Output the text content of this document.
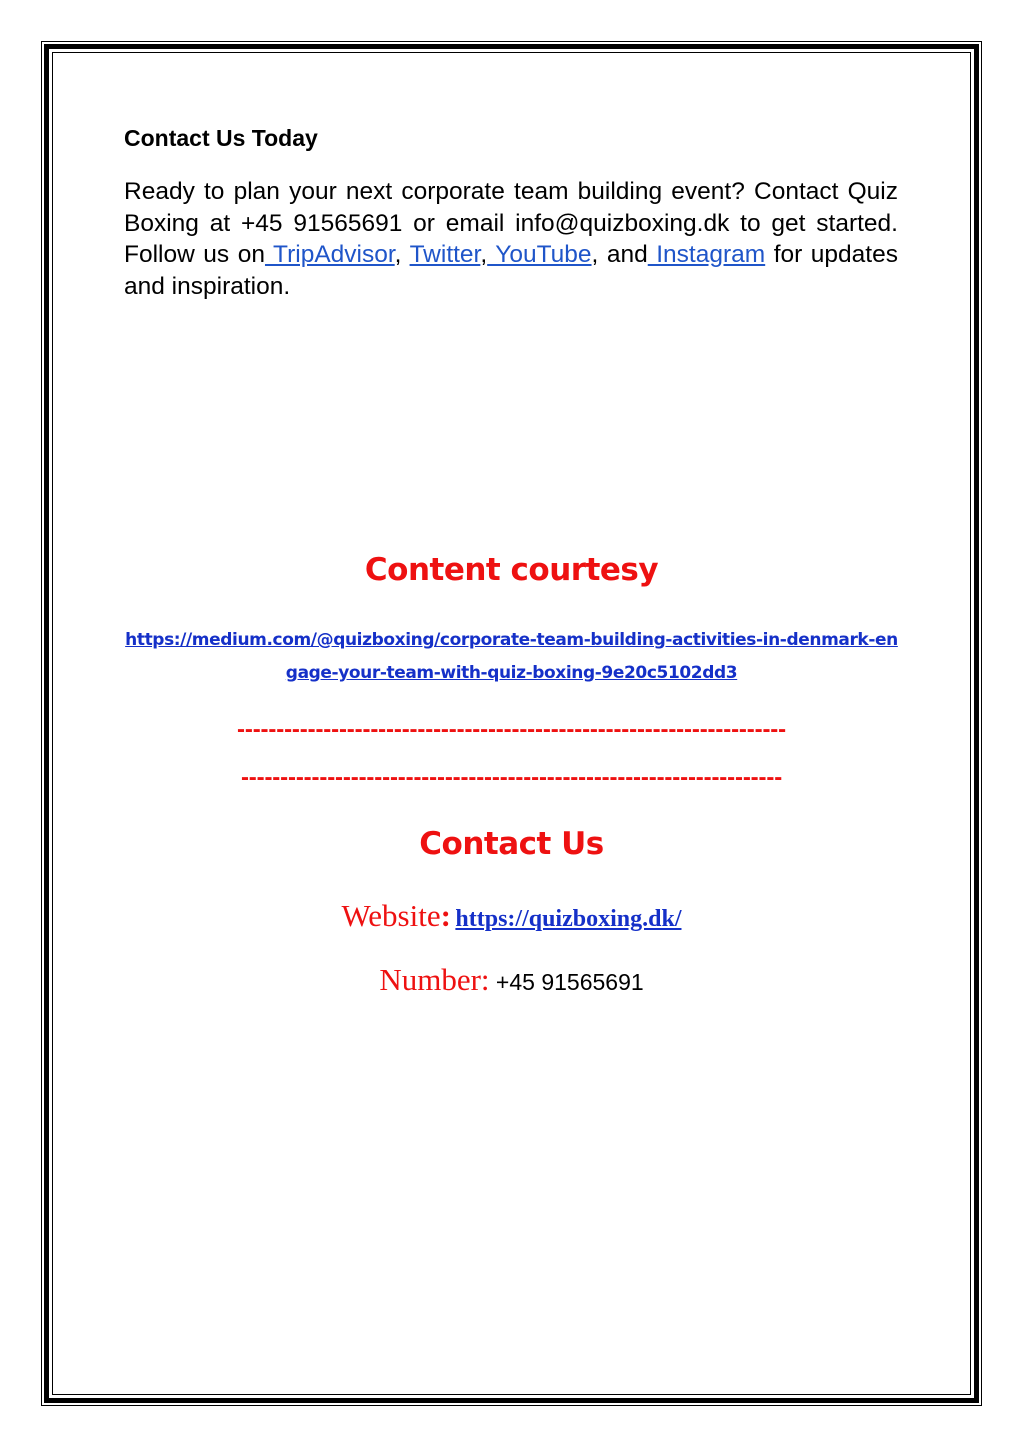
Contact Us Today

Ready to plan your next corporate team building event? Contact Quiz Boxing at +45 91565691 or email info@quizboxing.dk to get started. Follow us on TripAdvisor, Twitter, YouTube, and Instagram for updates and inspiration.

Content courtesy
https://medium.com/@quizboxing/corporate-team-building-activities-in-denmark-engage-your-team-with-quiz-boxing-9e20c5102dd3
----------------------------------------------------------------------
---------------------------------------------------------------------
Contact Us

Website: https://quizboxing.dk/

Number: +45 91565691
